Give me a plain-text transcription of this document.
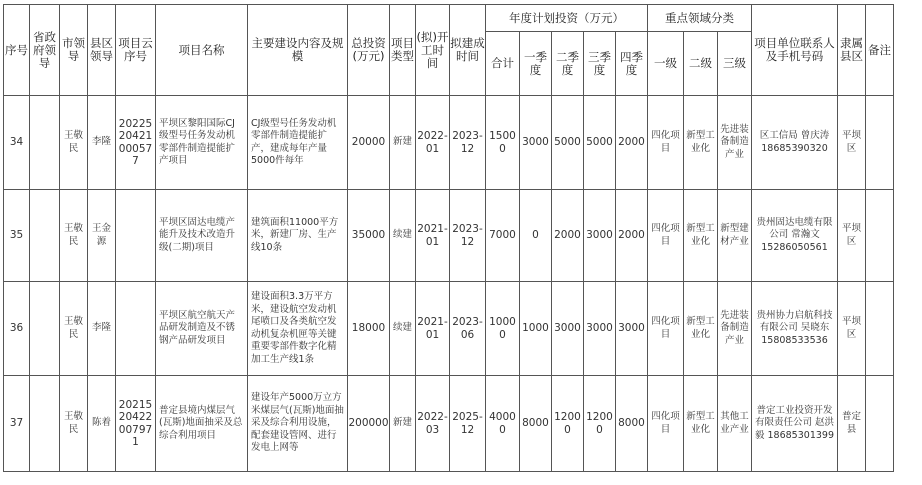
序号	省政府领导	市领导	县区领导	项目云序号	项目名称	主要建设内容及规模	总投资(万元)	项目类型	(拟)开工时间	拟建成时间	年度计划投资（万元）					重点领域分类			项目单位联系人及手机号码	隶属县区	备注
											合计	一季度	二季度	三季度	四季度	一级	二级	三级			
34		王敬民	李隆	2022520421000577	平坝区黎阳国际CJ级型号任务发动机零部件制造提能扩产项目	CJ级型号任务发动机零部件制造提能扩产，建成每年产量5000件每年	20000	新建	2022-01	2023-12	15000	3000	5000	5000	2000	四化项目	新型工业化	先进装备制造产业	区工信局 曾庆涛 18685390320	平坝区	
35		王敬民	王金源		平坝区固达电缆产能升及技术改造升级(二期)项目	建筑面积11000平方米，新建厂房、生产线10条	35000	续建	2021-01	2023-12	7000	0	2000	3000	2000	四化项目	新型工业化	新型建材产业	贵州固达电缆有限公司 常瀚文 15286050561	平坝区	
36		王敬民	李隆		平坝区航空航天产品研发制造及不锈钢产品研发项目	建设面积3.3万平方米，建设航空发动机尾喷口及各类航空发动机复杂机匣等关键重要零部件数字化精加工生产线1条	18000	续建	2021-01	2023-06	10000	1000	3000	3000	3000	四化项目	新型工业化	先进装备制造产业	贵州协力启航科技有限公司 吴晓东 15808533536	平坝区	
37		王敬民	陈着	2021520422007971	普定县境内煤层气(瓦斯)地面抽采及总综合利用项目	建设年产5000万立方米煤层气(瓦斯)地面抽采及综合利用设施，配套建设管网、进行发电上网等	200000	新建	2022-03	2025-12	40000	8000	12000	12000	8000	四化项目	新型工业化	其他工业产业	普定工业投资开发有限责任公司 赵洪毅 18685301399	普定县	
